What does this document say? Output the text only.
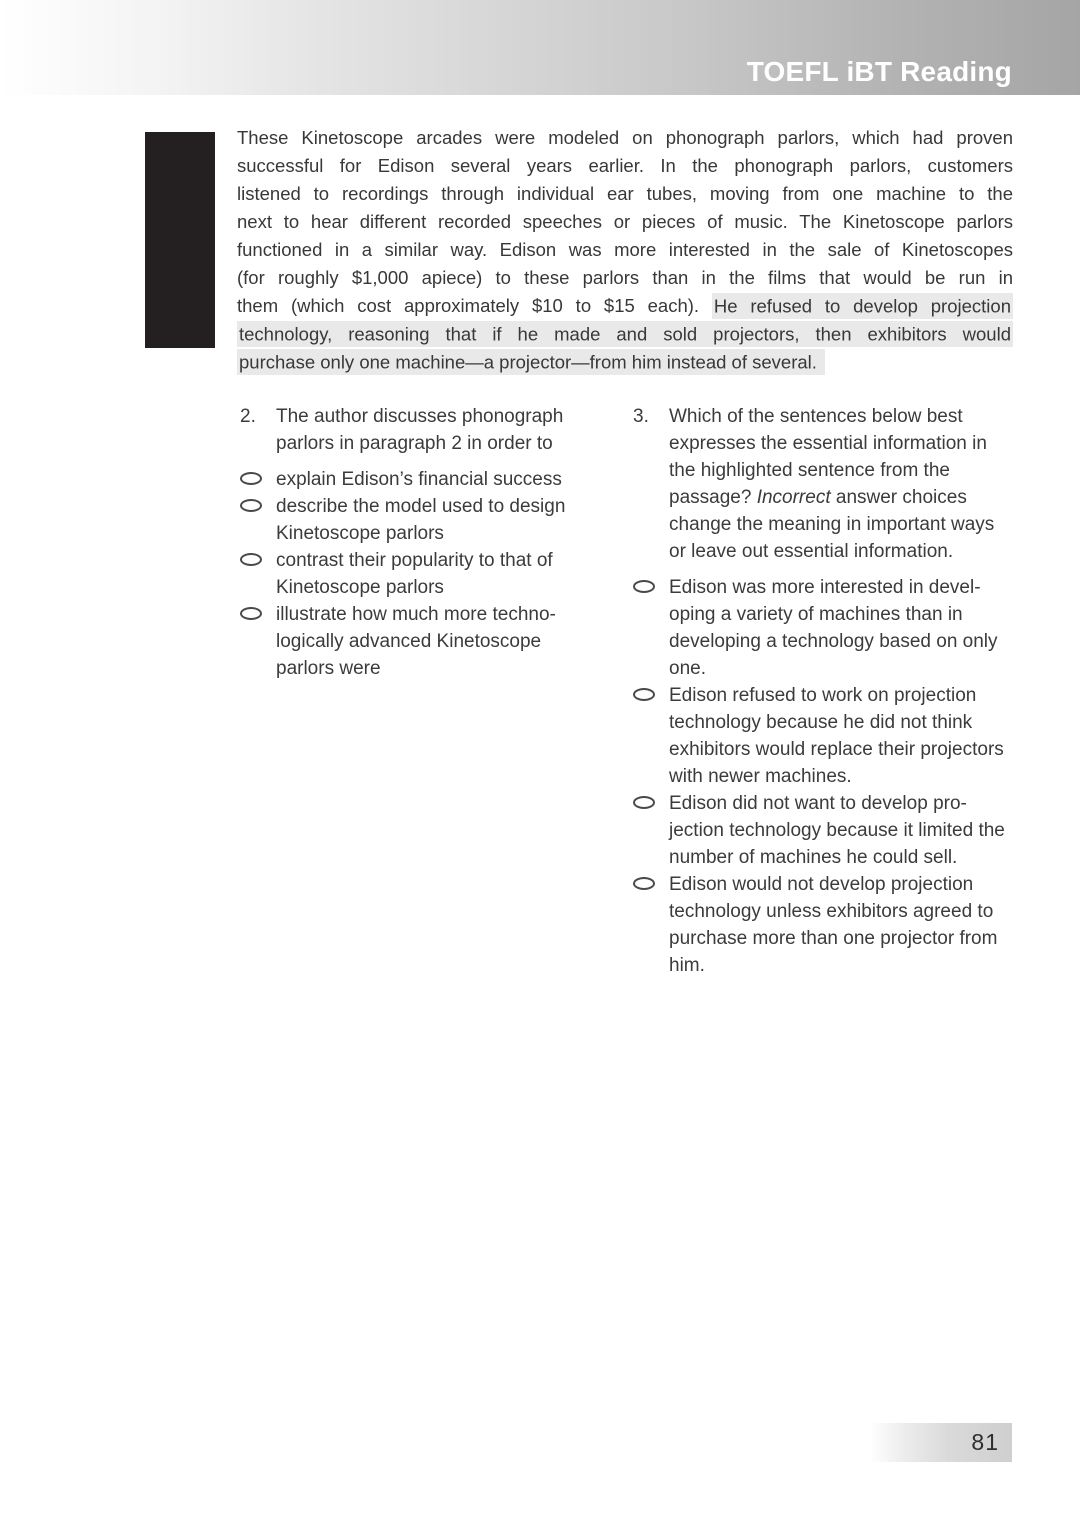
TOEFL iBT Reading
These Kinetoscope arcades were modeled on phonograph parlors, which had proven
successful for Edison several years earlier. In the phonograph parlors, customers
listened to recordings through individual ear tubes, moving from one machine to the
next to hear different recorded speeches or pieces of music. The Kinetoscope parlors
functioned in a similar way. Edison was more interested in the sale of Kinetoscopes
(for roughly $1,000 apiece) to these parlors than in the films that would be run in
them (which cost approximately $10 to $15 each). He refused to develop projection
technology, reasoning that if he made and sold projectors, then exhibitors would
purchase only one machine—a projector—from him instead of several.
2.	The author discusses phonograph parlors in paragraph 2 in order to
explain Edison’s financial success
describe the model used to design Kinetoscope parlors
contrast their popularity to that of Kinetoscope parlors
illustrate how much more technologically advanced Kinetoscope parlors were
3.	Which of the sentences below best expresses the essential information in the highlighted sentence from the passage? Incorrect answer choices change the meaning in important ways or leave out essential information.
Edison was more interested in developing a variety of machines than in developing a technology based on only one.
Edison refused to work on projection technology because he did not think exhibitors would replace their projectors with newer machines.
Edison did not want to develop projection technology because it limited the number of machines he could sell.
Edison would not develop projection technology unless exhibitors agreed to purchase more than one projector from him.
81
